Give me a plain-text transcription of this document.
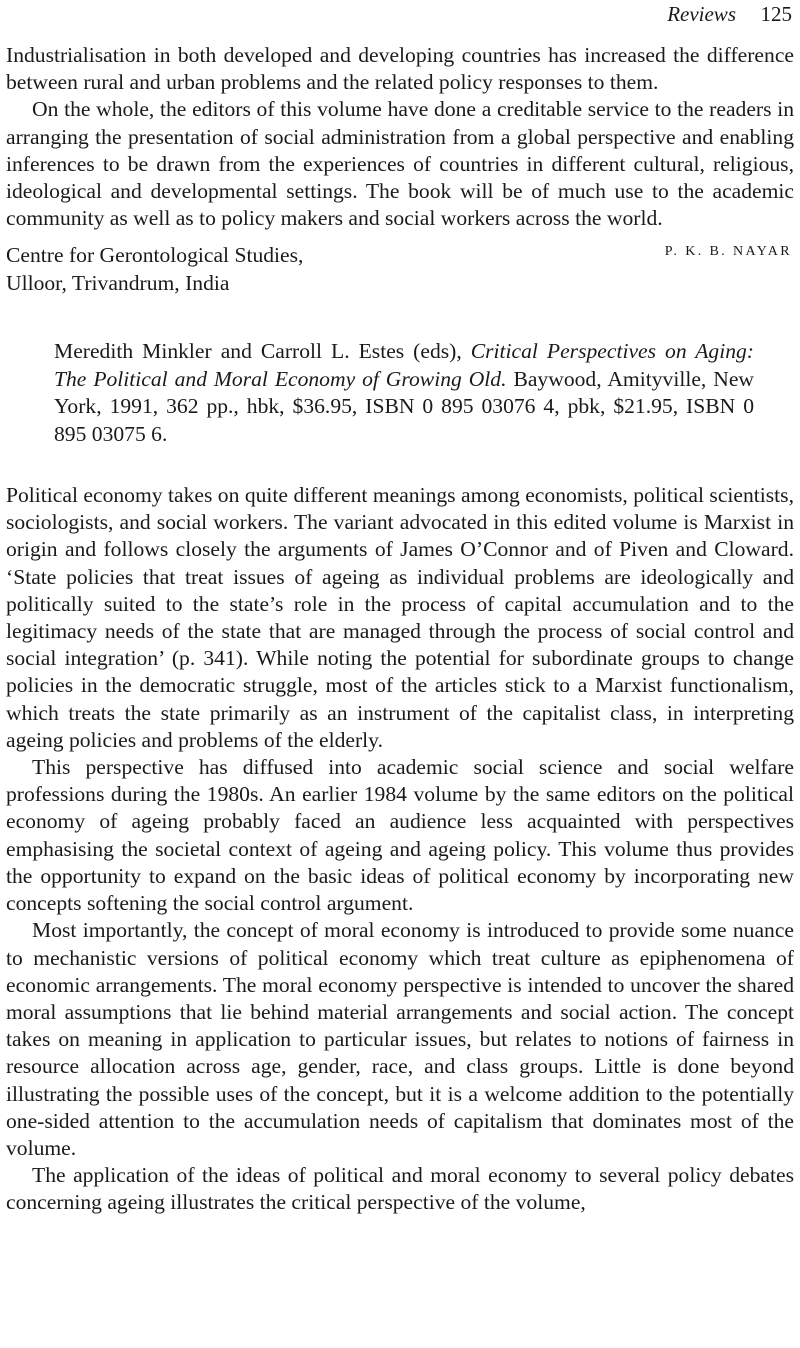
Reviews 125

Industrialisation in both developed and developing countries has increased the difference between rural and urban problems and the related policy responses to them.

On the whole, the editors of this volume have done a creditable service to the readers in arranging the presentation of social administration from a global perspective and enabling inferences to be drawn from the experiences of countries in different cultural, religious, ideological and developmental settings. The book will be of much use to the academic community as well as to policy makers and social workers across the world.

Centre for Gerontological Studies,
Ulloor, Trivandrum, India
P. K. B. NAYAR
Meredith Minkler and Carroll L. Estes (eds), Critical Perspectives on Aging: The Political and Moral Economy of Growing Old. Baywood, Amityville, New York, 1991, 362 pp., hbk, $36.95, ISBN 0 895 03076 4, pbk, $21.95, ISBN 0 895 03075 6.

Political economy takes on quite different meanings among economists, political scientists, sociologists, and social workers. The variant advocated in this edited volume is Marxist in origin and follows closely the arguments of James O’Connor and of Piven and Cloward. ‘State policies that treat issues of ageing as individual problems are ideologically and politically suited to the state’s role in the process of capital accumulation and to the legitimacy needs of the state that are managed through the process of social control and social integration’ (p. 341). While noting the potential for subordinate groups to change policies in the democratic struggle, most of the articles stick to a Marxist functionalism, which treats the state primarily as an instrument of the capitalist class, in interpreting ageing policies and problems of the elderly.

This perspective has diffused into academic social science and social welfare professions during the 1980s. An earlier 1984 volume by the same editors on the political economy of ageing probably faced an audience less acquainted with perspectives emphasising the societal context of ageing and ageing policy. This volume thus provides the opportunity to expand on the basic ideas of political economy by incorporating new concepts softening the social control argument.

Most importantly, the concept of moral economy is introduced to provide some nuance to mechanistic versions of political economy which treat culture as epiphenomena of economic arrangements. The moral economy perspective is intended to uncover the shared moral assumptions that lie behind material arrangements and social action. The concept takes on meaning in application to particular issues, but relates to notions of fairness in resource allocation across age, gender, race, and class groups. Little is done beyond illustrating the possible uses of the concept, but it is a welcome addition to the potentially one-sided attention to the accumulation needs of capitalism that dominates most of the volume.

The application of the ideas of political and moral economy to several policy debates concerning ageing illustrates the critical perspective of the volume,
